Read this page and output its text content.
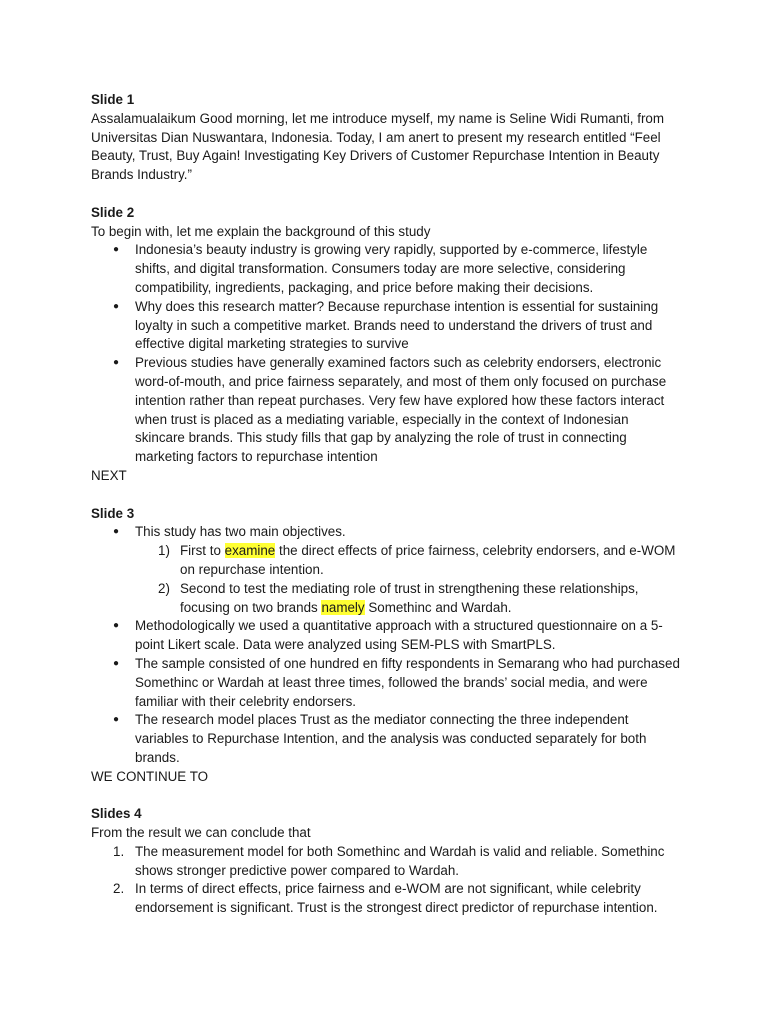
Slide 1

Assalamualaikum Good morning, let me introduce myself, my name is Seline Widi Rumanti, from Universitas Dian Nuswantara, Indonesia. Today, I am anert to present my research entitled “Feel Beauty, Trust, Buy Again! Investigating Key Drivers of Customer Repurchase Intention in Beauty Brands Industry.”

Slide 2

To begin with, let me explain the background of this study

● Indonesia’s beauty industry is growing very rapidly, supported by e-commerce, lifestyle shifts, and digital transformation. Consumers today are more selective, considering compatibility, ingredients, packaging, and price before making their decisions.
● Why does this research matter? Because repurchase intention is essential for sustaining loyalty in such a competitive market. Brands need to understand the drivers of trust and effective digital marketing strategies to survive
● Previous studies have generally examined factors such as celebrity endorsers, electronic word-of-mouth, and price fairness separately, and most of them only focused on purchase intention rather than repeat purchases. Very few have explored how these factors interact when trust is placed as a mediating variable, especially in the context of Indonesian skincare brands. This study fills that gap by analyzing the role of trust in connecting marketing factors to repurchase intention

NEXT

Slide 3

● This study has two main objectives.
1) First to examine the direct effects of price fairness, celebrity endorsers, and e-WOM on repurchase intention.
2) Second to test the mediating role of trust in strengthening these relationships, focusing on two brands namely Somethinc and Wardah.
● Methodologically we used a quantitative approach with a structured questionnaire on a 5-point Likert scale. Data were analyzed using SEM-PLS with SmartPLS.
● The sample consisted of one hundred en fifty respondents in Semarang who had purchased Somethinc or Wardah at least three times, followed the brands’ social media, and were familiar with their celebrity endorsers.
● The research model places Trust as the mediator connecting the three independent variables to Repurchase Intention, and the analysis was conducted separately for both brands.

WE CONTINUE TO

Slides 4

From the result we can conclude that

1. The measurement model for both Somethinc and Wardah is valid and reliable. Somethinc shows stronger predictive power compared to Wardah.
2. In terms of direct effects, price fairness and e-WOM are not significant, while celebrity endorsement is significant. Trust is the strongest direct predictor of repurchase intention.
